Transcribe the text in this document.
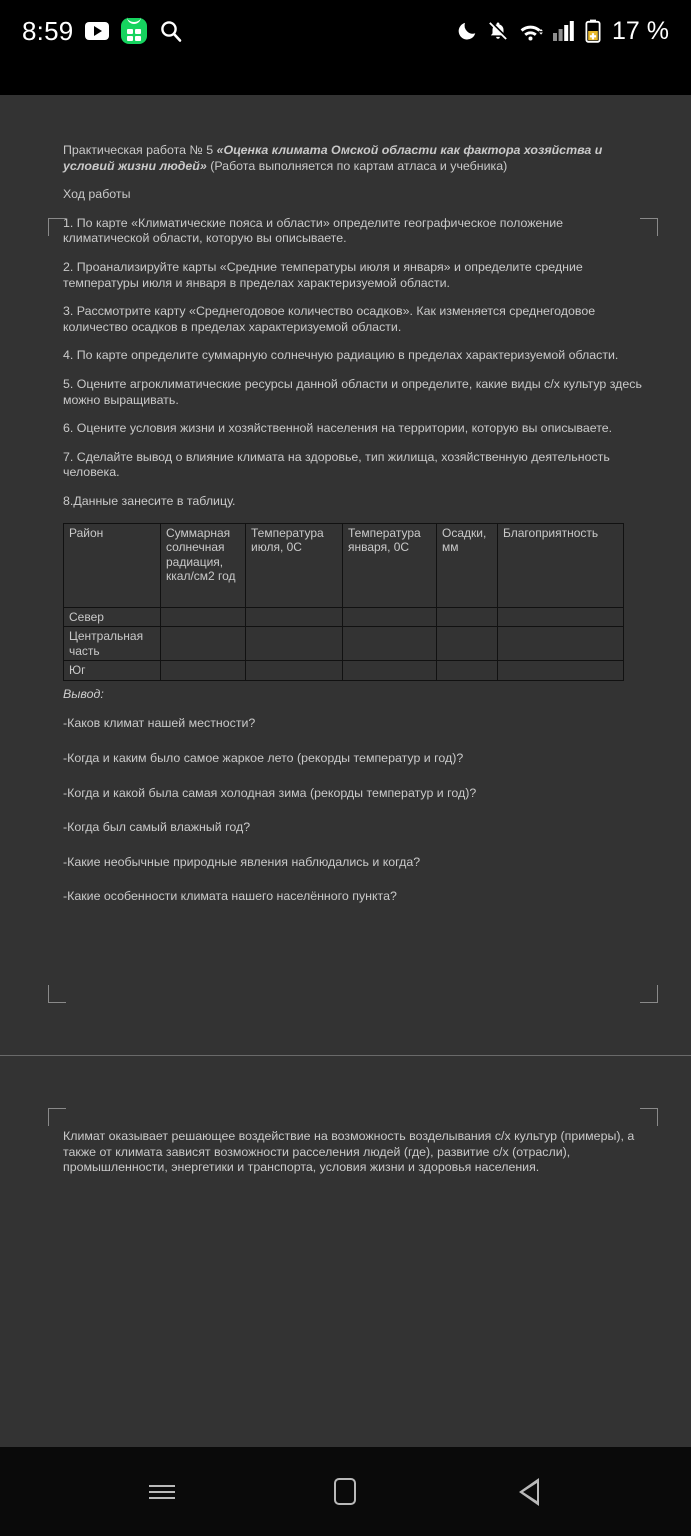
8:59	17 %

Практическая работа № 5 «Оценка климата Омской области как фактора хозяйства и условий жизни людей» (Работа выполняется по картам атласа и учебника)

Ход работы

1. По карте «Климатические пояса и области» определите географическое положение климатической области, которую вы описываете.

2. Проанализируйте карты «Средние температуры июля и января» и определите средние температуры июля и января в пределах характеризуемой области.

3. Рассмотрите карту «Среднегодовое количество осадков». Как изменяется среднегодовое количество осадков в пределах характеризуемой области.

4. По карте определите суммарную солнечную радиацию в пределах характеризуемой области.

5. Оцените агроклиматические ресурсы данной области и определите, какие виды с/х культур здесь можно выращивать.

6. Оцените условия жизни и хозяйственной населения на территории, которую вы описываете.

7. Сделайте вывод о влияние климата на здоровье, тип жилища, хозяйственную деятельность человека.

8.Данные занесите в таблицу.

Район	Суммарная солнечная радиация, ккал/см2 год	Температура июля, 0С	Температура января, 0С	Осадки, мм	Благоприятность
Север					
Центральная часть					
Юг					

Вывод:

-Каков климат нашей местности?

-Когда и каким было самое жаркое лето (рекорды температур и год)?

-Когда и какой была самая холодная зима (рекорды температур и год)?

-Когда был самый влажный год?

-Какие необычные природные явления наблюдались и когда?

-Какие особенности климата нашего населённого пункта?

Климат оказывает решающее воздействие на возможность возделывания с/х культур (примеры), а также от климата зависят возможности расселения людей (где), развитие с/х (отрасли), промышленности, энергетики и транспорта, условия жизни и здоровья населения.
